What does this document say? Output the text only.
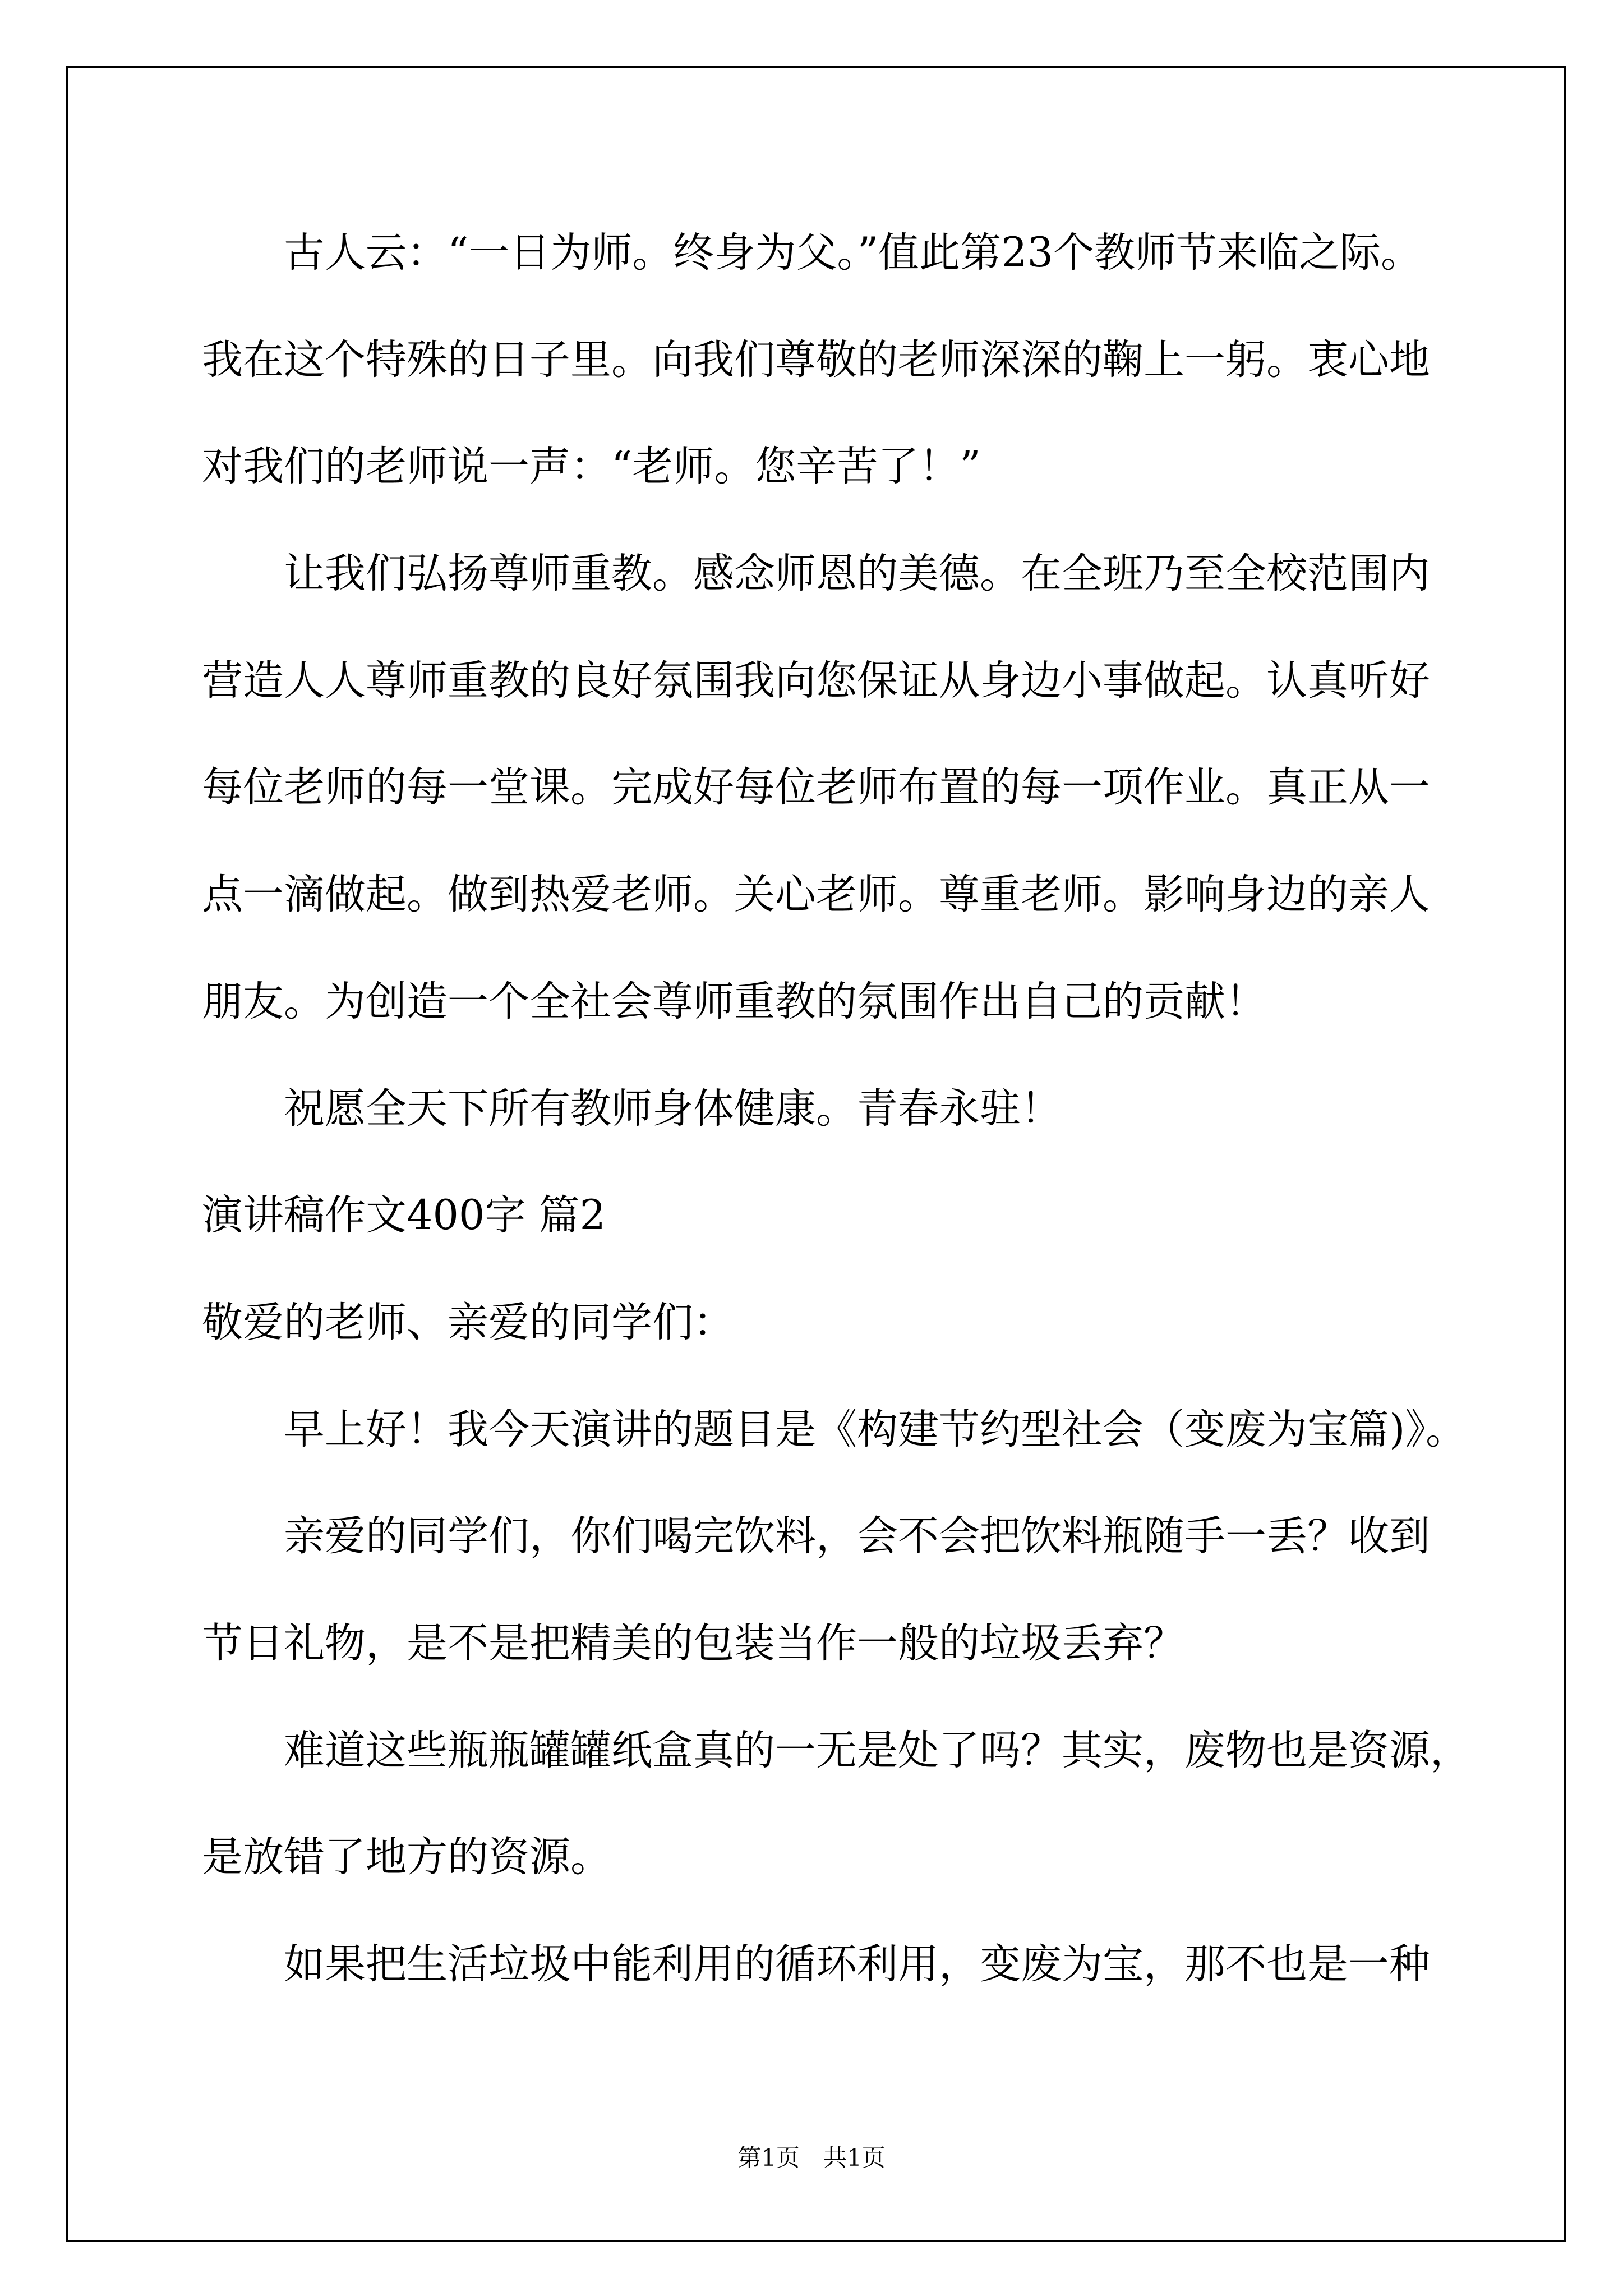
古人云：“一日为师。终身为父。”值此第23个教师节来临之际。
我在这个特殊的日子里。向我们尊敬的老师深深的鞠上一躬。衷心地
对我们的老师说一声：“老师。您辛苦了！”
让我们弘扬尊师重教。感念师恩的美德。在全班乃至全校范围内
营造人人尊师重教的良好氛围我向您保证从身边小事做起。认真听好
每位老师的每一堂课。完成好每位老师布置的每一项作业。真正从一
点一滴做起。做到热爱老师。关心老师。尊重老师。影响身边的亲人
朋友。为创造一个全社会尊师重教的氛围作出自己的贡献！
祝愿全天下所有教师身体健康。青春永驻！
演讲稿作文400字 篇2
敬爱的老师、亲爱的同学们：
早上好！我今天演讲的题目是《构建节约型社会（变废为宝篇)》。
亲爱的同学们，你们喝完饮料，会不会把饮料瓶随手一丢？收到
节日礼物，是不是把精美的包装当作一般的垃圾丢弃？
难道这些瓶瓶罐罐纸盒真的一无是处了吗？其实，废物也是资源，
是放错了地方的资源。
如果把生活垃圾中能利用的循环利用，变废为宝，那不也是一种
第1页　共1页
